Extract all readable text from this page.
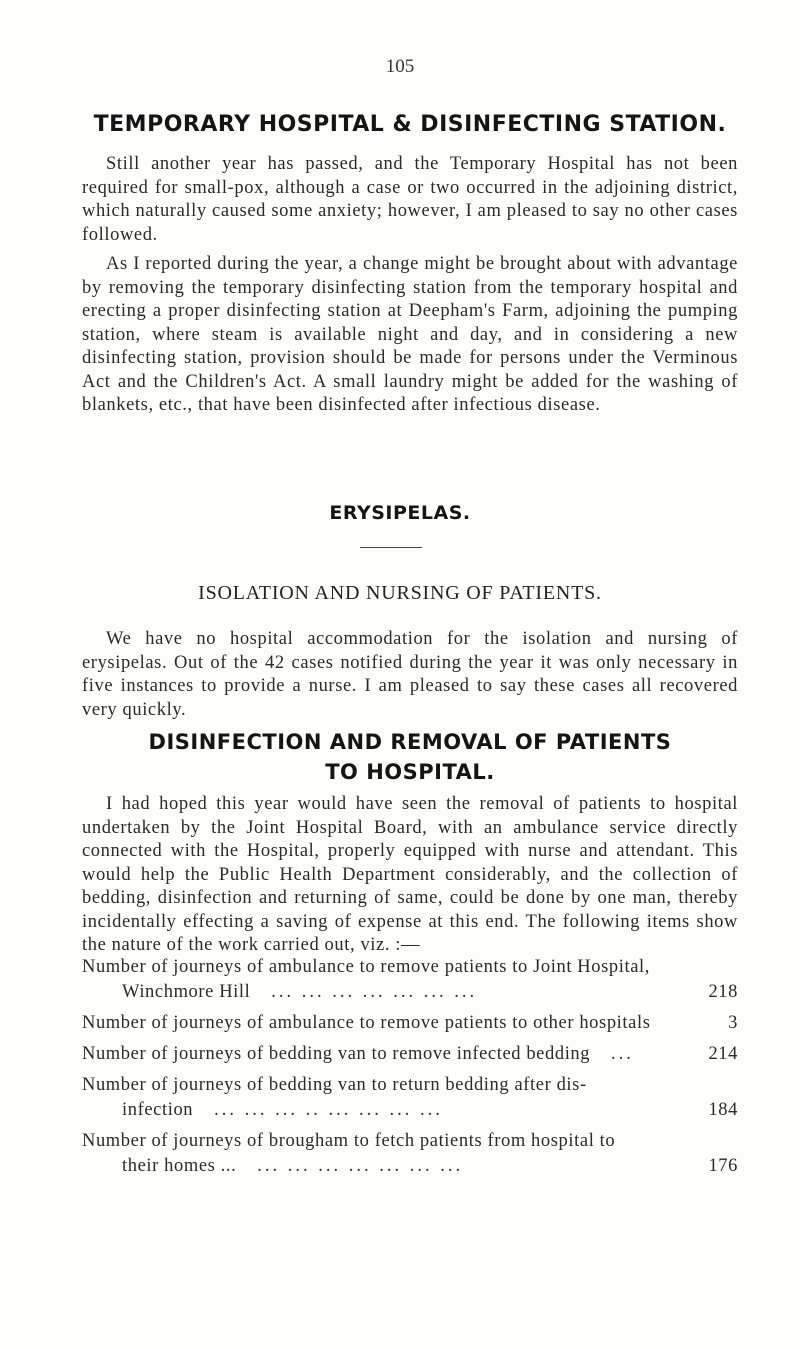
105
TEMPORARY HOSPITAL & DISINFECTING STATION.

Still another year has passed, and the Temporary Hospital has not been required for small-pox, although a case or two occurred in the adjoining district, which naturally caused some anxiety; however, I am pleased to say no other cases followed.

As I reported during the year, a change might be brought about with advantage by removing the temporary disinfecting station from the temporary hospital and erecting a proper disinfecting station at Deepham's Farm, adjoining the pumping station, where steam is available night and day, and in considering a new disinfecting station, provision should be made for persons under the Verminous Act and the Children's Act. A small laundry might be added for the washing of blankets, etc., that have been disinfected after infectious disease.

ERYSIPELAS.
ISOLATION AND NURSING OF PATIENTS.

We have no hospital accommodation for the isolation and nursing of erysipelas. Out of the 42 cases notified during the year it was only necessary in five instances to provide a nurse. I am pleased to say these cases all recovered very quickly.

DISINFECTION AND REMOVAL OF PATIENTS
TO HOSPITAL.

I had hoped this year would have seen the removal of patients to hospital undertaken by the Joint Hospital Board, with an ambulance service directly connected with the Hospital, properly equipped with nurse and attendant. This would help the Public Health Department considerably, and the collection of bedding, disinfection and returning of same, could be done by one man, thereby incidentally effecting a saving of expense at this end. The following items show the nature of the work carried out, viz. :—

Number of journeys of ambulance to remove patients to Joint Hospital,
Winchmore Hill ... ... ... ... ... ... ...	218
Number of journeys of ambulance to remove patients to other hospitals	3
Number of journeys of bedding van to remove infected bedding ...	214
Number of journeys of bedding van to return bedding after dis-
infection ... ... ... .. ... ... ... ...	184
Number of journeys of brougham to fetch patients from hospital to
their homes ... ... ... ... ... ... ... ...	176
